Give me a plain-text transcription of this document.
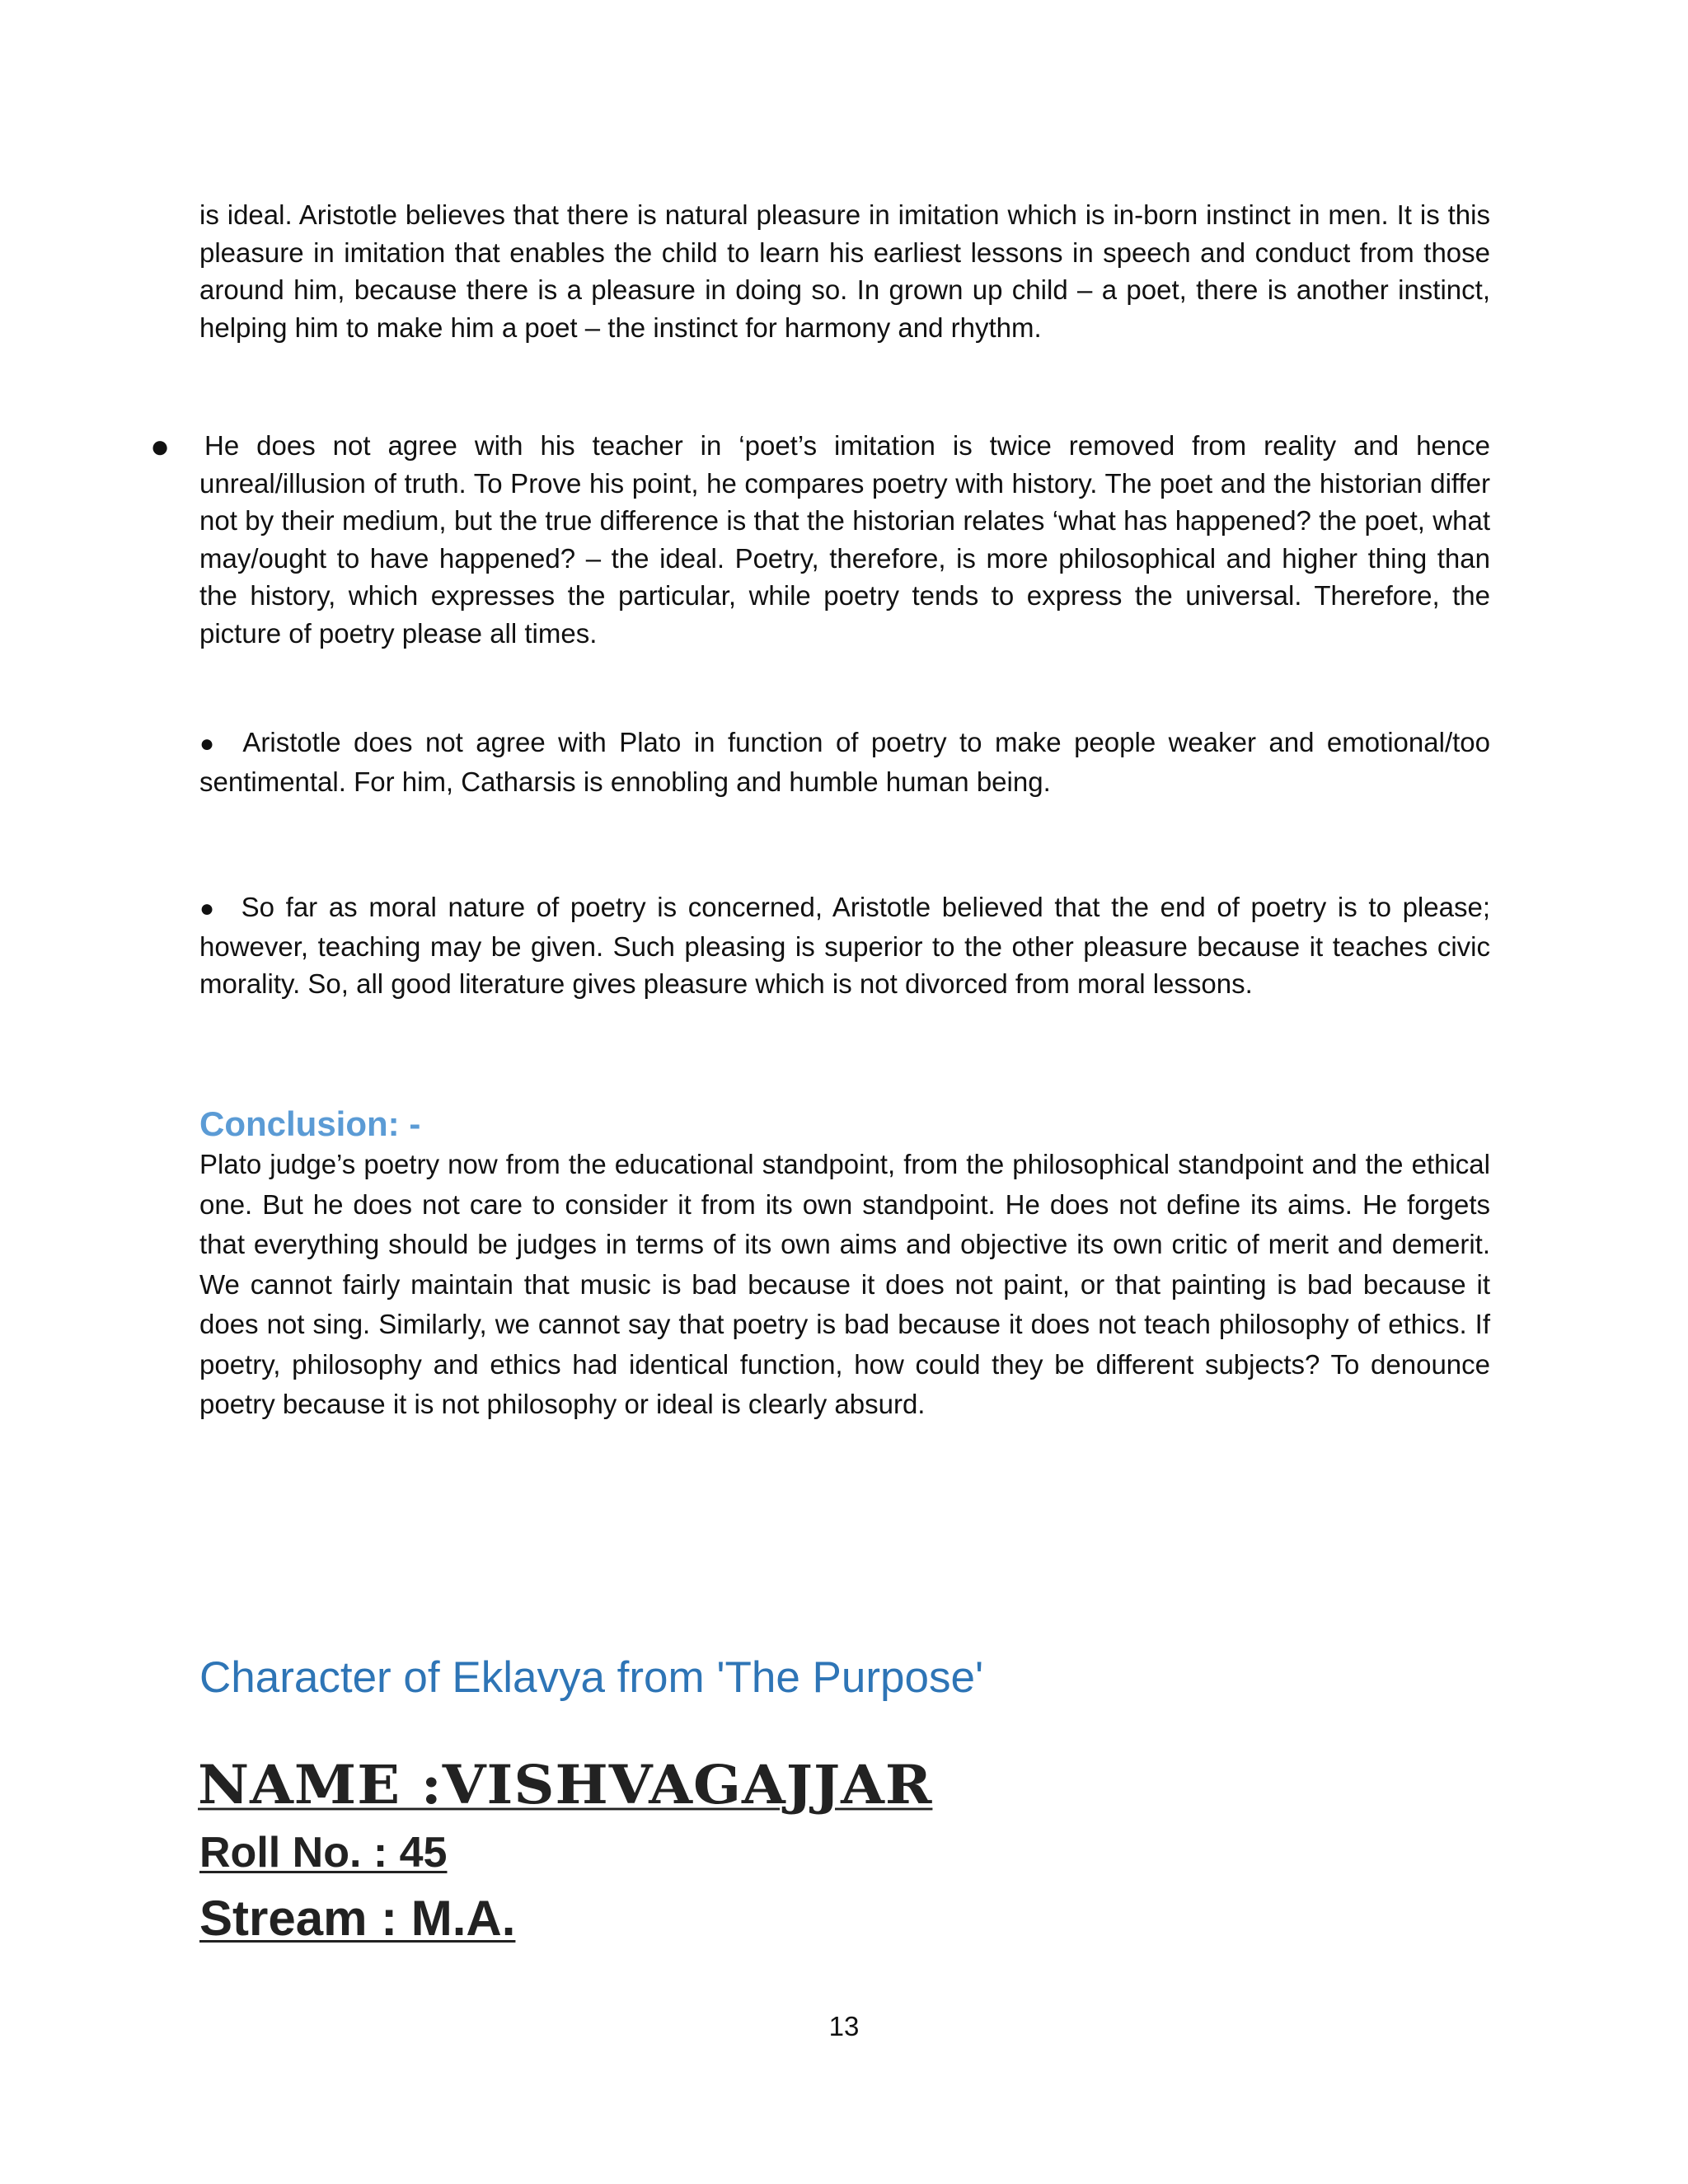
is ideal. Aristotle believes that there is natural pleasure in imitation which is in-born instinct in men. It is this pleasure in imitation that enables the child to learn his earliest lessons in speech and conduct from those around him, because there is a pleasure in doing so. In grown up child – a poet, there is another instinct, helping him to make him a poet – the instinct for harmony and rhythm.

● He does not agree with his teacher in ‘poet’s imitation is twice removed from reality and hence unreal/illusion of truth. To Prove his point, he compares poetry with history. The poet and the historian differ not by their medium, but the true difference is that the historian relates ‘what has happened? the poet, what may/ought to have happened? – the ideal. Poetry, therefore, is more philosophical and higher thing than the history, which expresses the particular, while poetry tends to express the universal. Therefore, the picture of poetry please all times.

● Aristotle does not agree with Plato in function of poetry to make people weaker and emotional/too sentimental. For him, Catharsis is ennobling and humble human being.

● So far as moral nature of poetry is concerned, Aristotle believed that the end of poetry is to please; however, teaching may be given. Such pleasing is superior to the other pleasure because it teaches civic morality. So, all good literature gives pleasure which is not divorced from moral lessons.

Conclusion: -

Plato judge’s poetry now from the educational standpoint, from the philosophical standpoint and the ethical one. But he does not care to consider it from its own standpoint. He does not define its aims. He forgets that everything should be judges in terms of its own aims and objective its own critic of merit and demerit. We cannot fairly maintain that music is bad because it does not paint, or that painting is bad because it does not sing. Similarly, we cannot say that poetry is bad because it does not teach philosophy of ethics. If poetry, philosophy and ethics had identical function, how could they be different subjects? To denounce poetry because it is not philosophy or ideal is clearly absurd.

Character of Eklavya from 'The Purpose'

NAME :VISHVAGAJJAR

Roll No. : 45

Stream : M.A.

13
